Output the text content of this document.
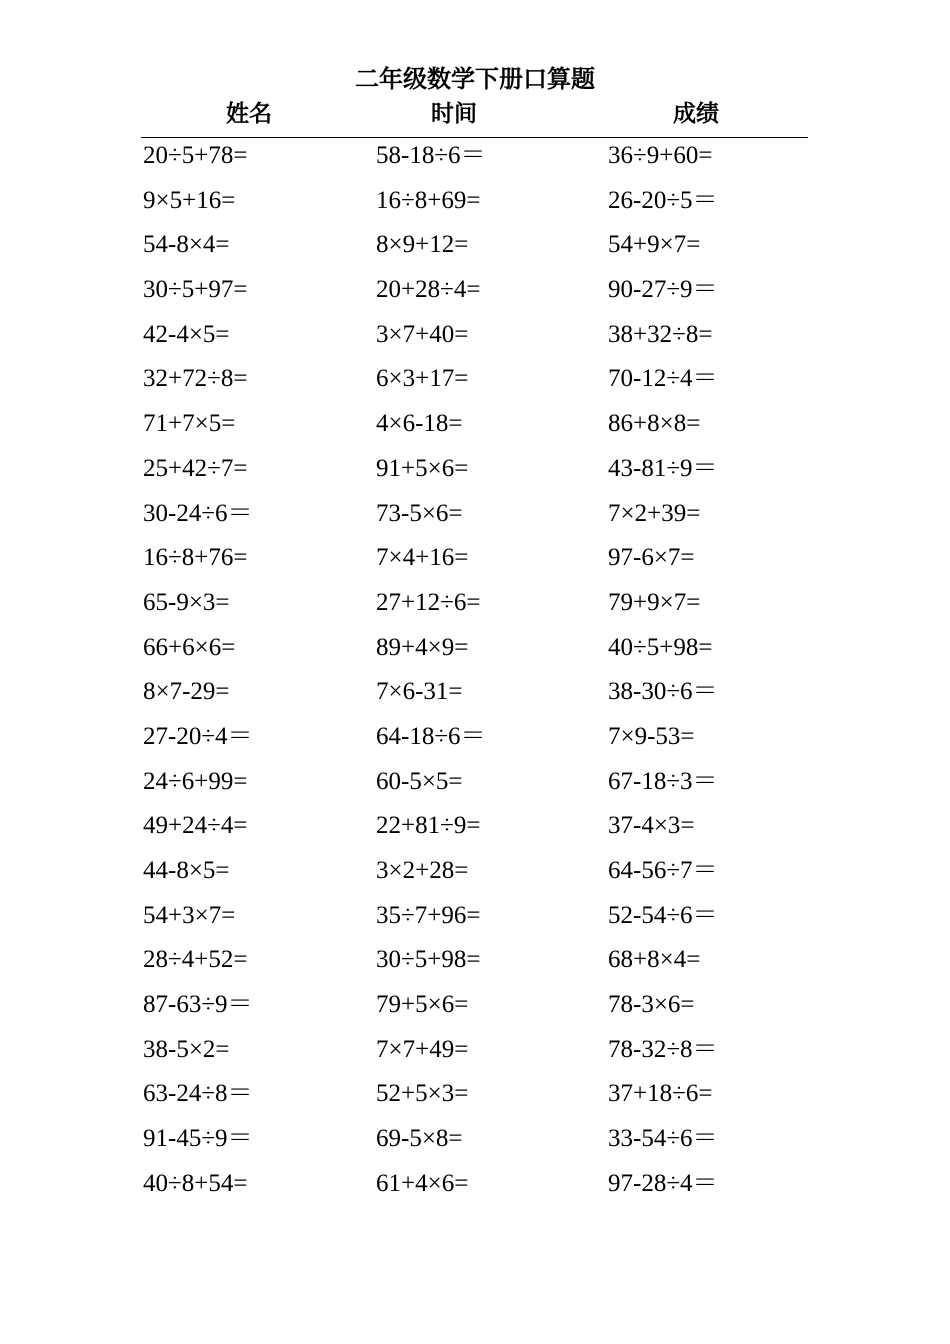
二年级数学下册口算题
姓名	时间	成绩
20÷5+78=	58-18÷6＝	36÷9+60=
9×5+16=	16÷8+69=	26-20÷5＝
54-8×4=	8×9+12=	54+9×7=
30÷5+97=	20+28÷4=	90-27÷9＝
42-4×5=	3×7+40=	38+32÷8=
32+72÷8=	6×3+17=	70-12÷4＝
71+7×5=	4×6-18=	86+8×8=
25+42÷7=	91+5×6=	43-81÷9＝
30-24÷6＝	73-5×6=	7×2+39=
16÷8+76=	7×4+16=	97-6×7=
65-9×3=	27+12÷6=	79+9×7=
66+6×6=	89+4×9=	40÷5+98=
8×7-29=	7×6-31=	38-30÷6＝
27-20÷4＝	64-18÷6＝	7×9-53=
24÷6+99=	60-5×5=	67-18÷3＝
49+24÷4=	22+81÷9=	37-4×3=
44-8×5=	3×2+28=	64-56÷7＝
54+3×7=	35÷7+96=	52-54÷6＝
28÷4+52=	30÷5+98=	68+8×4=
87-63÷9＝	79+5×6=	78-3×6=
38-5×2=	7×7+49=	78-32÷8＝
63-24÷8＝	52+5×3=	37+18÷6=
91-45÷9＝	69-5×8=	33-54÷6＝
40÷8+54=	61+4×6=	97-28÷4＝
